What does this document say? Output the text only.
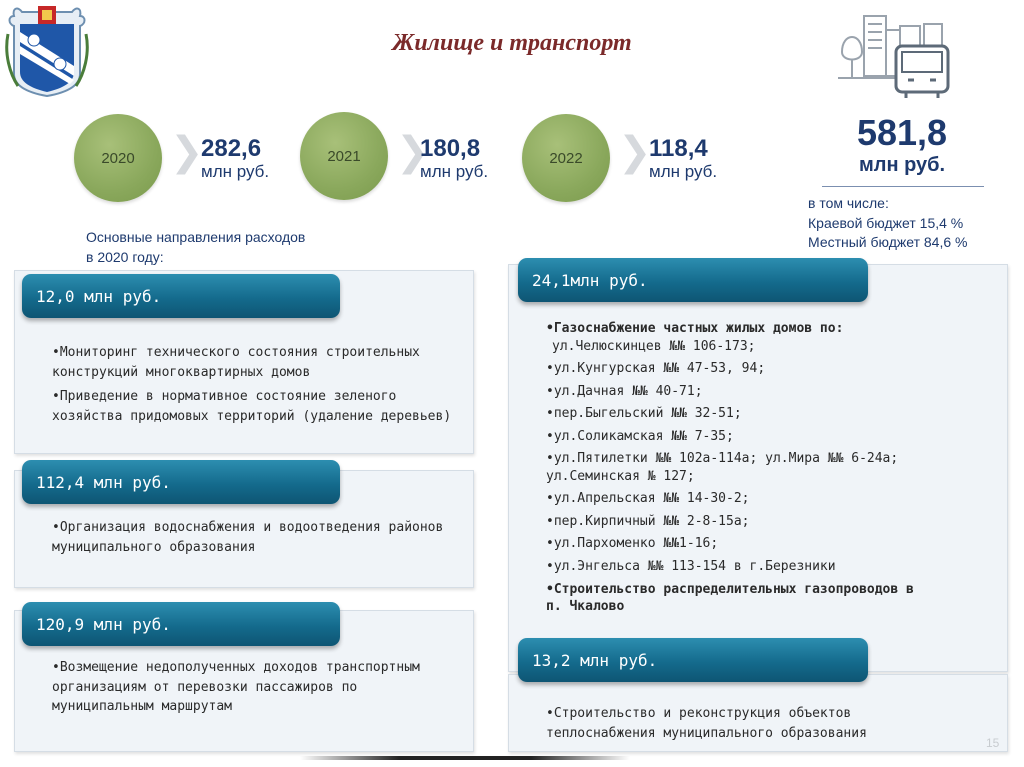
Жилище и транспорт
2020 ❯
282,6
млн руб.
2021 ❯
180,8
млн руб.
2022 ❯
118,4
млн руб.
581,8
млн руб.
в том числе:
Краевой бюджет 15,4 %
Местный бюджет 84,6 %
Основные направления расходов
в 2020 году:
12,0 млн руб.
•Мониторинг технического состояния строительных конструкций многоквартирных домов
•Приведение в нормативное состояние зеленого хозяйства придомовых территорий (удаление деревьев)
112,4 млн руб.
•Организация водоснабжения и водоотведения районов муниципального образования
120,9 млн руб.
•Возмещение недополученных доходов транспортным организациям от перевозки пассажиров по муниципальным маршрутам
24,1млн руб.
•Газоснабжение частных жилых домов по:
ул.Челюскинцев №№ 106-173;
•ул.Кунгурская №№ 47-53, 94;
•ул.Дачная №№ 40-71;
•пер.Быгельский №№ 32-51;
•ул.Соликамская №№ 7-35;
•ул.Пятилетки №№ 102а-114а; ул.Мира №№ 6-24а; ул.Семинская № 127;
•ул.Апрельская №№ 14-30-2;
•пер.Кирпичный №№ 2-8-15а;
•ул.Пархоменко №№1-16;
•ул.Энгельса №№ 113-154 в г.Березники
•Строительство распределительных газопроводов в п. Чкалово
13,2 млн руб.
•Строительство и реконструкция объектов теплоснабжения муниципального образования
15
